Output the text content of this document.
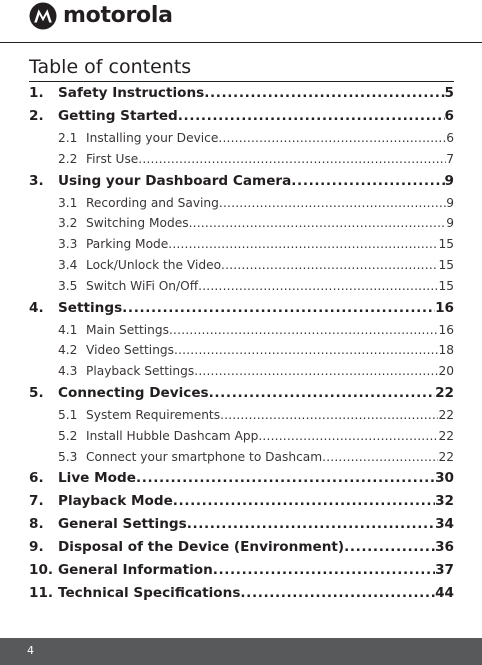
motorola
Table of contents
1.	Safety Instructions .....	5
2.	Getting Started .....	6
2.1 Installing your Device .....	6
2.2 First Use .....	7
3.	Using your Dashboard Camera .....	9
3.1 Recording and Saving .....	9
3.2 Switching Modes .....	9
3.3 Parking Mode .....	15
3.4 Lock/Unlock the Video .....	15
3.5 Switch WiFi On/Off .....	15
4.	Settings .....	16
4.1 Main Settings .....	16
4.2 Video Settings .....	18
4.3 Playback Settings .....	20
5.	Connecting Devices .....	22
5.1 System Requirements .....	22
5.2 Install Hubble Dashcam App .....	22
5.3 Connect your smartphone to Dashcam .....	22
6.	Live Mode .....	30
7.	Playback Mode .....	32
8.	General Settings .....	34
9.	Disposal of the Device (Environment) .....	36
10. General Information .....	37
11. Technical Specifications .....	44
4
